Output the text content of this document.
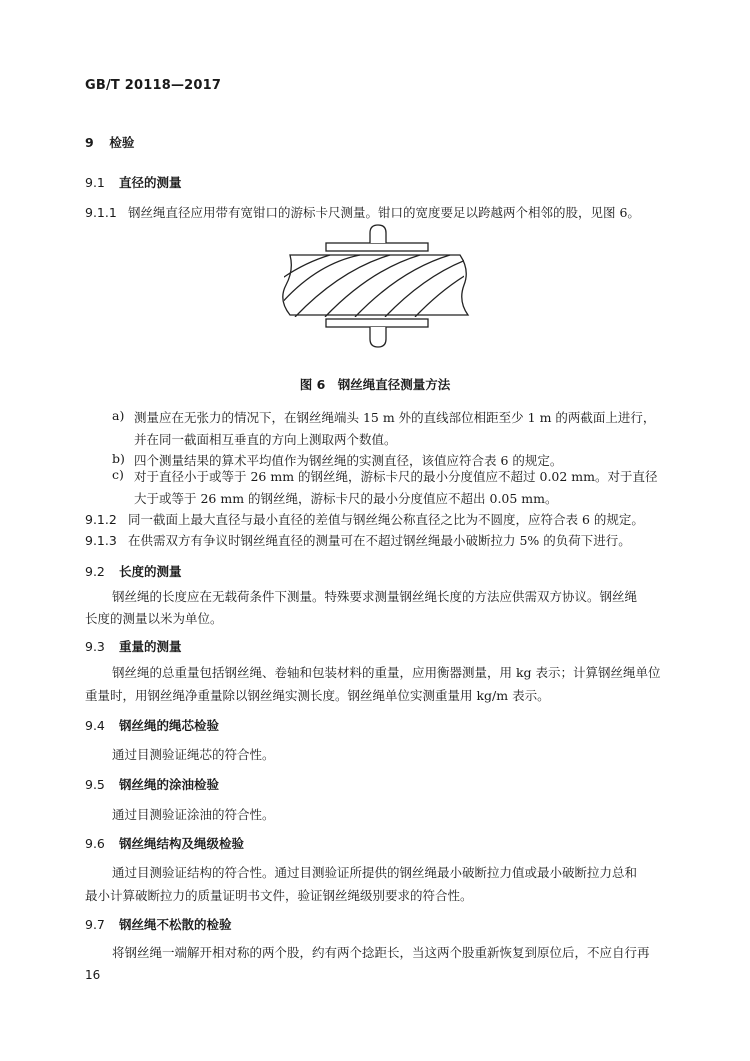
GB/T 20118—2017
9 检验
9.1 直径的测量
9.1.1 钢丝绳直径应用带有宽钳口的游标卡尺测量。钳口的宽度要足以跨越两个相邻的股，见图 6。
图 6　钢丝绳直径测量方法
a) 测量应在无张力的情况下，在钢丝绳端头 15 m 外的直线部位相距至少 1 m 的两截面上进行，
并在同一截面相互垂直的方向上测取两个数值。
b) 四个测量结果的算术平均值作为钢丝绳的实测直径，该值应符合表 6 的规定。
c) 对于直径小于或等于 26 mm 的钢丝绳，游标卡尺的最小分度值应不超过 0.02 mm。对于直径
大于或等于 26 mm 的钢丝绳，游标卡尺的最小分度值应不超出 0.05 mm。
9.1.2 同一截面上最大直径与最小直径的差值与钢丝绳公称直径之比为不圆度，应符合表 6 的规定。
9.1.3 在供需双方有争议时钢丝绳直径的测量可在不超过钢丝绳最小破断拉力 5% 的负荷下进行。
9.2 长度的测量
钢丝绳的长度应在无载荷条件下测量。特殊要求测量钢丝绳长度的方法应供需双方协议。钢丝绳
长度的测量以米为单位。
9.3 重量的测量
钢丝绳的总重量包括钢丝绳、卷轴和包装材料的重量，应用衡器测量，用 kg 表示；计算钢丝绳单位
重量时，用钢丝绳净重量除以钢丝绳实测长度。钢丝绳单位实测重量用 kg/m 表示。
9.4 钢丝绳的绳芯检验
通过目测验证绳芯的符合性。
9.5 钢丝绳的涂油检验
通过目测验证涂油的符合性。
9.6 钢丝绳结构及绳级检验
通过目测验证结构的符合性。通过目测验证所提供的钢丝绳最小破断拉力值或最小破断拉力总和
最小计算破断拉力的质量证明书文件，验证钢丝绳级别要求的符合性。
9.7 钢丝绳不松散的检验
将钢丝绳一端解开相对称的两个股，约有两个捻距长，当这两个股重新恢复到原位后，不应自行再
16
